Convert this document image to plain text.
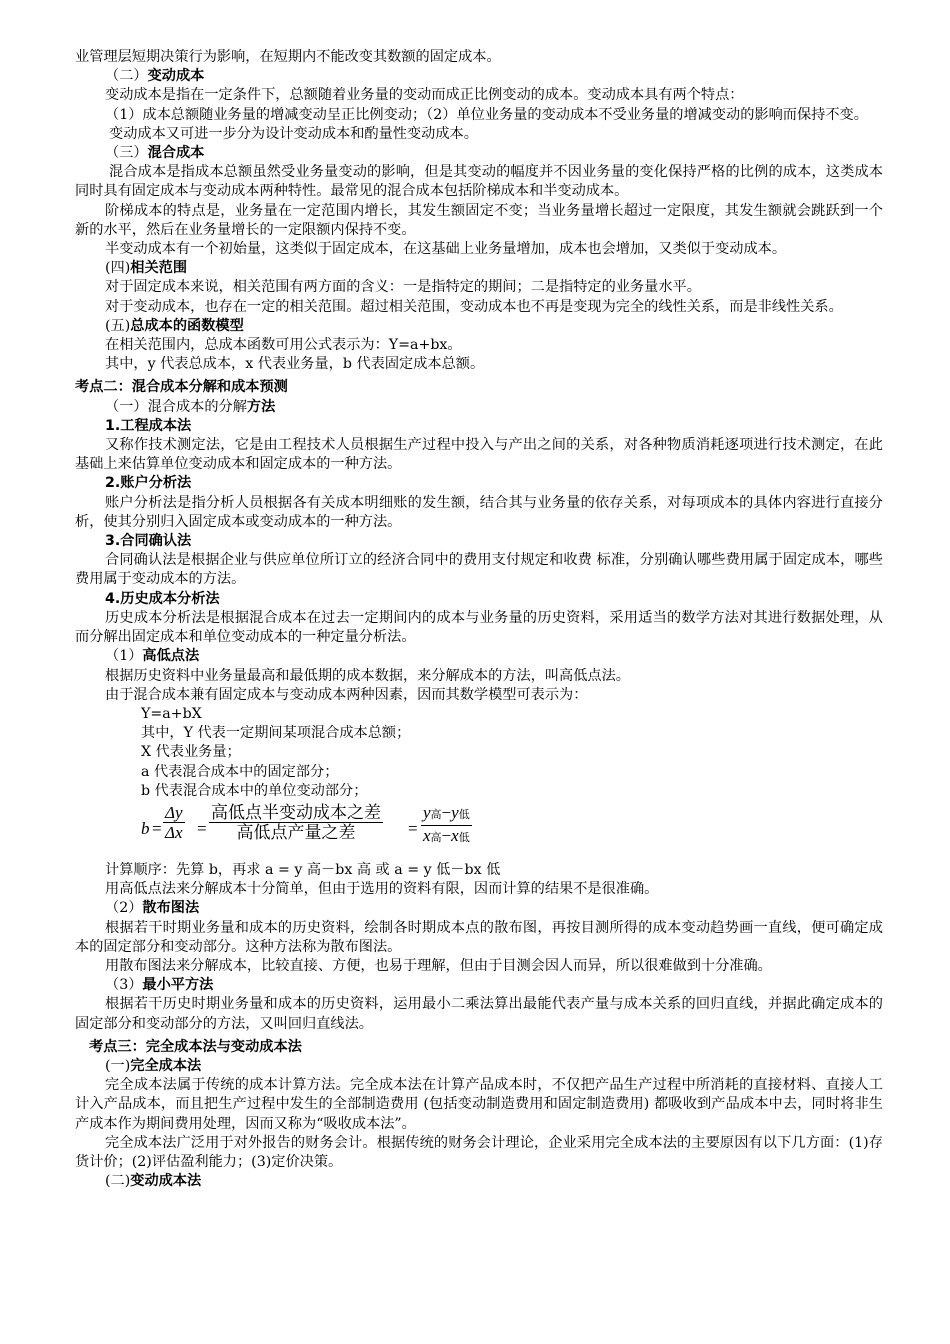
业管理层短期决策行为影响，在短期内不能改变其数额的固定成本。

（二）变动成本

变动成本是指在一定条件下，总额随着业务量的变动而成正比例变动的成本。变动成本具有两个特点：

（1）成本总额随业务量的增减变动呈正比例变动；（2）单位业务量的变动成本不受业务量的增减变动的影响而保持不变。

变动成本又可进一步分为设计变动成本和酌量性变动成本。

（三）混合成本

混合成本是指成本总额虽然受业务量变动的影响，但是其变动的幅度并不因业务量的变化保持严格的比例的成本，这类成本同时具有固定成本与变动成本两种特性。最常见的混合成本包括阶梯成本和半变动成本。

阶梯成本的特点是，业务量在一定范围内增长，其发生额固定不变；当业务量增长超过一定限度，其发生额就会跳跃到一个新的水平，然后在业务量增长的一定限额内保持不变。

半变动成本有一个初始量，这类似于固定成本，在这基础上业务量增加，成本也会增加，又类似于变动成本。

(四)相关范围

对于固定成本来说，相关范围有两方面的含义：一是指特定的期间；二是指特定的业务量水平。

对于变动成本，也存在一定的相关范围。超过相关范围，变动成本也不再是变现为完全的线性关系，而是非线性关系。

(五)总成本的函数模型

在相关范围内，总成本函数可用公式表示为：Y=a+bx。

其中，y 代表总成本，x 代表业务量，b 代表固定成本总额。

考点二：混合成本分解和成本预测

（一）混合成本的分解方法

1.工程成本法

又称作技术测定法，它是由工程技术人员根据生产过程中投入与产出之间的关系，对各种物质消耗逐项进行技术测定，在此基础上来估算单位变动成本和固定成本的一种方法。

2.账户分析法

账户分析法是指分析人员根据各有关成本明细账的发生额，结合其与业务量的依存关系，对每项成本的具体内容进行直接分析，使其分别归入固定成本或变动成本的一种方法。

3.合同确认法

合同确认法是根据企业与供应单位所订立的经济合同中的费用支付规定和收费 标准，分别确认哪些费用属于固定成本，哪些费用属于变动成本的方法。

4.历史成本分析法

历史成本分析法是根据混合成本在过去一定期间内的成本与业务量的历史资料，采用适当的数学方法对其进行数据处理，从而分解出固定成本和单位变动成本的一种定量分析法。

（1）高低点法

根据历史资料中业务量最高和最低期的成本数据，来分解成本的方法，叫高低点法。

由于混合成本兼有固定成本与变动成本两种因素，因而其数学模型可表示为：

Y=a+bX

其中，Y 代表一定期间某项混合成本总额；

X 代表业务量；

a 代表混合成本中的固定部分；

b 代表混合成本中的单位变动部分；

$b = \frac{\Delta y}{\Delta x}$ =
高低点半变动成本之差
高低点产量之差	=
y高−y低
x高−x低

计算顺序：先算 b，再求 a = y 高－bx 高 或 a = y 低－bx 低

用高低点法来分解成本十分简单，但由于选用的资料有限，因而计算的结果不是很准确。

（2）散布图法

根据若干时期业务量和成本的历史资料，绘制各时期成本点的散布图，再按目测所得的成本变动趋势画一直线，便可确定成本的固定部分和变动部分。这种方法称为散布图法。

用散布图法来分解成本，比较直接、方便，也易于理解，但由于目测会因人而异，所以很难做到十分准确。

（3）最小平方法

根据若干历史时期业务量和成本的历史资料，运用最小二乘法算出最能代表产量与成本关系的回归直线，并据此确定成本的固定部分和变动部分的方法，又叫回归直线法。

考点三：完全成本法与变动成本法

(一)完全成本法

完全成本法属于传统的成本计算方法。完全成本法在计算产品成本时，不仅把产品生产过程中所消耗的直接材料、直接人工计入产品成本，而且把生产过程中发生的全部制造费用 (包括变动制造费用和固定制造费用) 都吸收到产品成本中去，同时将非生产成本作为期间费用处理，因而又称为“吸收成本法”。

完全成本法广泛用于对外报告的财务会计。根据传统的财务会计理论，企业采用完全成本法的主要原因有以下几方面：(1)存货计价；(2)评估盈利能力；(3)定价决策。

(二)变动成本法
